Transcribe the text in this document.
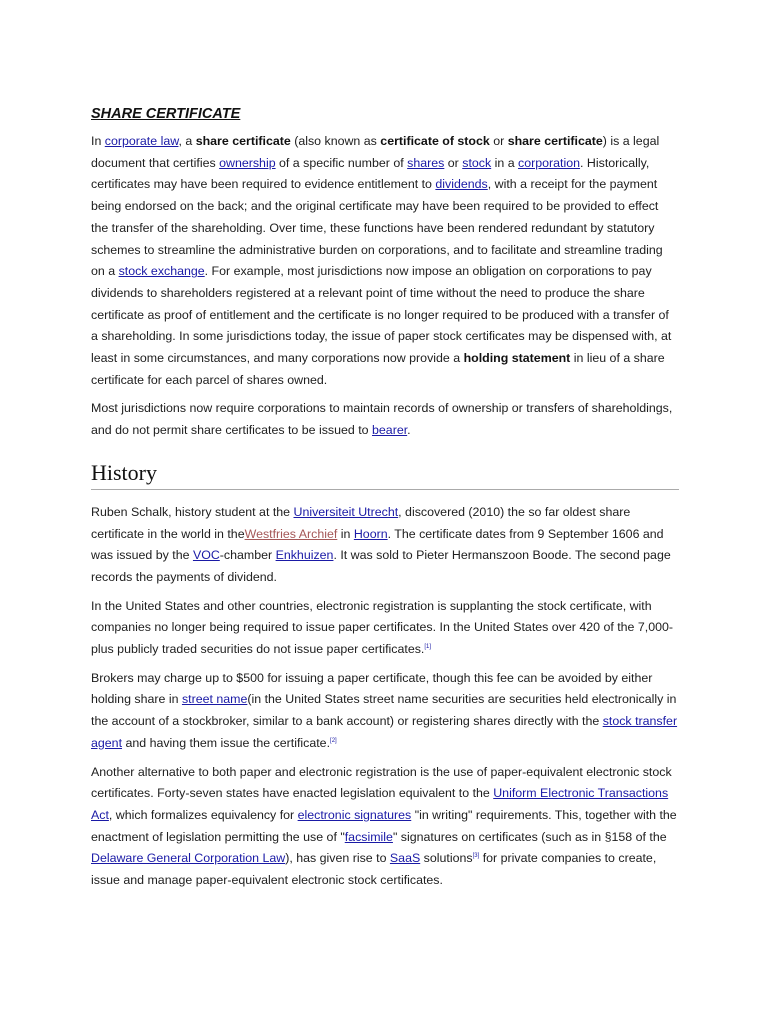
SHARE CERTIFICATE

In corporate law, a share certificate (also known as certificate of stock or share certificate) is a legal document that certifies ownership of a specific number of shares or stock in a corporation. Historically, certificates may have been required to evidence entitlement to dividends, with a receipt for the payment being endorsed on the back; and the original certificate may have been required to be provided to effect the transfer of the shareholding. Over time, these functions have been rendered redundant by statutory schemes to streamline the administrative burden on corporations, and to facilitate and streamline trading on a stock exchange. For example, most jurisdictions now impose an obligation on corporations to pay dividends to shareholders registered at a relevant point of time without the need to produce the share certificate as proof of entitlement and the certificate is no longer required to be produced with a transfer of a shareholding. In some jurisdictions today, the issue of paper stock certificates may be dispensed with, at least in some circumstances, and many corporations now provide a holding statement in lieu of a share certificate for each parcel of shares owned.

Most jurisdictions now require corporations to maintain records of ownership or transfers of shareholdings, and do not permit share certificates to be issued to bearer.

History

Ruben Schalk, history student at the Universiteit Utrecht, discovered (2010) the so far oldest share certificate in the world in theWestfries Archief in Hoorn. The certificate dates from 9 September 1606 and was issued by the VOC-chamber Enkhuizen. It was sold to Pieter Hermanszoon Boode. The second page records the payments of dividend.

In the United States and other countries, electronic registration is supplanting the stock certificate, with companies no longer being required to issue paper certificates. In the United States over 420 of the 7,000-plus publicly traded securities do not issue paper certificates.[1]

Brokers may charge up to $500 for issuing a paper certificate, though this fee can be avoided by either holding share in street name(in the United States street name securities are securities held electronically in the account of a stockbroker, similar to a bank account) or registering shares directly with the stock transfer agent and having them issue the certificate.[2]

Another alternative to both paper and electronic registration is the use of paper-equivalent electronic stock certificates. Forty-seven states have enacted legislation equivalent to the Uniform Electronic Transactions Act, which formalizes equivalency for electronic signatures "in writing" requirements. This, together with the enactment of legislation permitting the use of "facsimile" signatures on certificates (such as in §158 of the Delaware General Corporation Law), has given rise to SaaS solutions[3] for private companies to create, issue and manage paper-equivalent electronic stock certificates.
